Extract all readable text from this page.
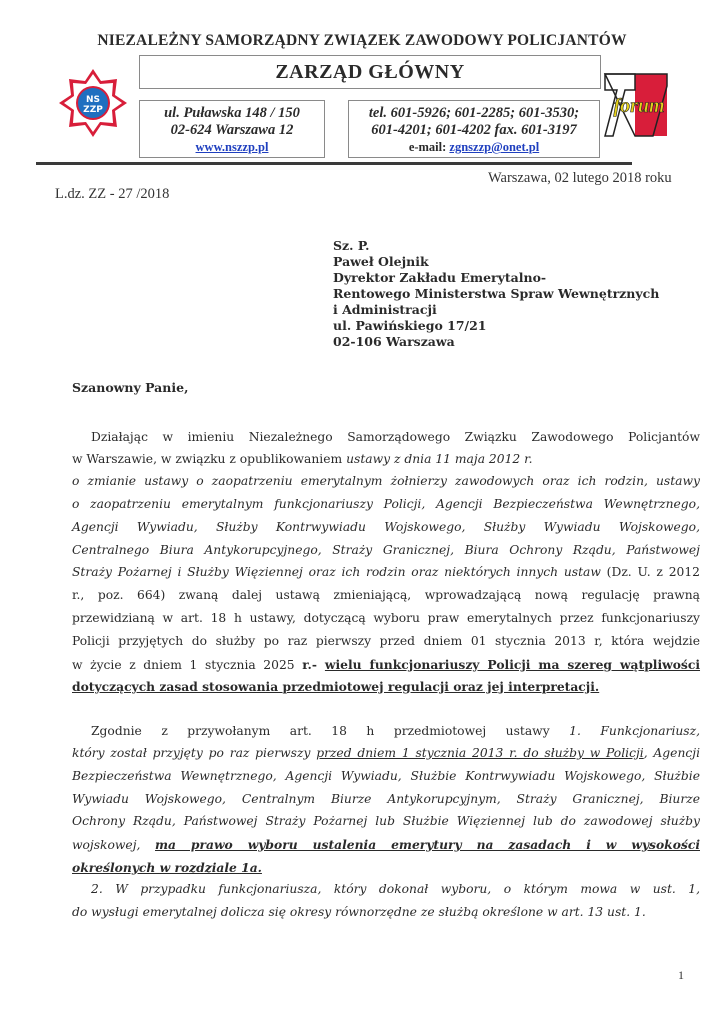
NIEZALEŻNY SAMORZĄDNY ZWIĄZEK ZAWODOWY POLICJANTÓW
ZARZĄD GŁÓWNY
ul. Puławska 148 / 150
02-624 Warszawa 12
www.nszzp.pl
tel. 601-5926; 601-2285; 601-3530;
601-4201; 601-4202 fax. 601-3197
e-mail: zgnszzp@onet.pl
NS
ZZP	forum
Warszawa, 02 lutego 2018 roku
L.dz. ZZ - 27 /2018
Sz. P.
Paweł Olejnik
Dyrektor Zakładu Emerytalno-
Rentowego Ministerstwa Spraw Wewnętrznych
i Administracji
ul. Pawińskiego 17/21
02-106 Warszawa
Szanowny Panie,
Działając w imieniu Niezależnego Samorządowego Związku Zawodowego Policjantów
w Warszawie, w związku z opublikowaniem ustawy z dnia 11 maja 2012 r.
o zmianie ustawy o zaopatrzeniu emerytalnym żołnierzy zawodowych oraz ich rodzin, ustawy
o zaopatrzeniu emerytalnym funkcjonariuszy Policji, Agencji Bezpieczeństwa Wewnętrznego,
Agencji Wywiadu, Służby Kontrwywiadu Wojskowego, Służby Wywiadu Wojskowego,
Centralnego Biura Antykorupcyjnego, Straży Granicznej, Biura Ochrony Rządu, Państwowej
Straży Pożarnej i Służby Więziennej oraz ich rodzin oraz niektórych innych ustaw (Dz. U. z 2012
r., poz. 664) zwaną dalej ustawą zmieniającą, wprowadzającą nową regulację prawną
przewidzianą w art. 18 h ustawy, dotyczącą wyboru praw emerytalnych przez funkcjonariuszy
Policji przyjętych do służby po raz pierwszy przed dniem 01 stycznia 2013 r, która wejdzie
w życie z dniem 1 stycznia 2025 r.- wielu funkcjonariuszy Policji ma szereg wątpliwości
dotyczących zasad stosowania przedmiotowej regulacji oraz jej interpretacji.
Zgodnie z przywołanym art. 18 h przedmiotowej ustawy 1. Funkcjonariusz,
który został przyjęty po raz pierwszy przed dniem 1 stycznia 2013 r. do służby w Policji, Agencji
Bezpieczeństwa Wewnętrznego, Agencji Wywiadu, Służbie Kontrwywiadu Wojskowego, Służbie
Wywiadu Wojskowego, Centralnym Biurze Antykorupcyjnym, Straży Granicznej, Biurze
Ochrony Rządu, Państwowej Straży Pożarnej lub Służbie Więziennej lub do zawodowej służby
wojskowej, ma prawo wyboru ustalenia emerytury na zasadach i w wysokości
określonych w rozdziale 1a.
2. W przypadku funkcjonariusza, który dokonał wyboru, o którym mowa w ust. 1,
do wysługi emerytalnej dolicza się okresy równorzędne ze służbą określone w art. 13 ust. 1.
1
